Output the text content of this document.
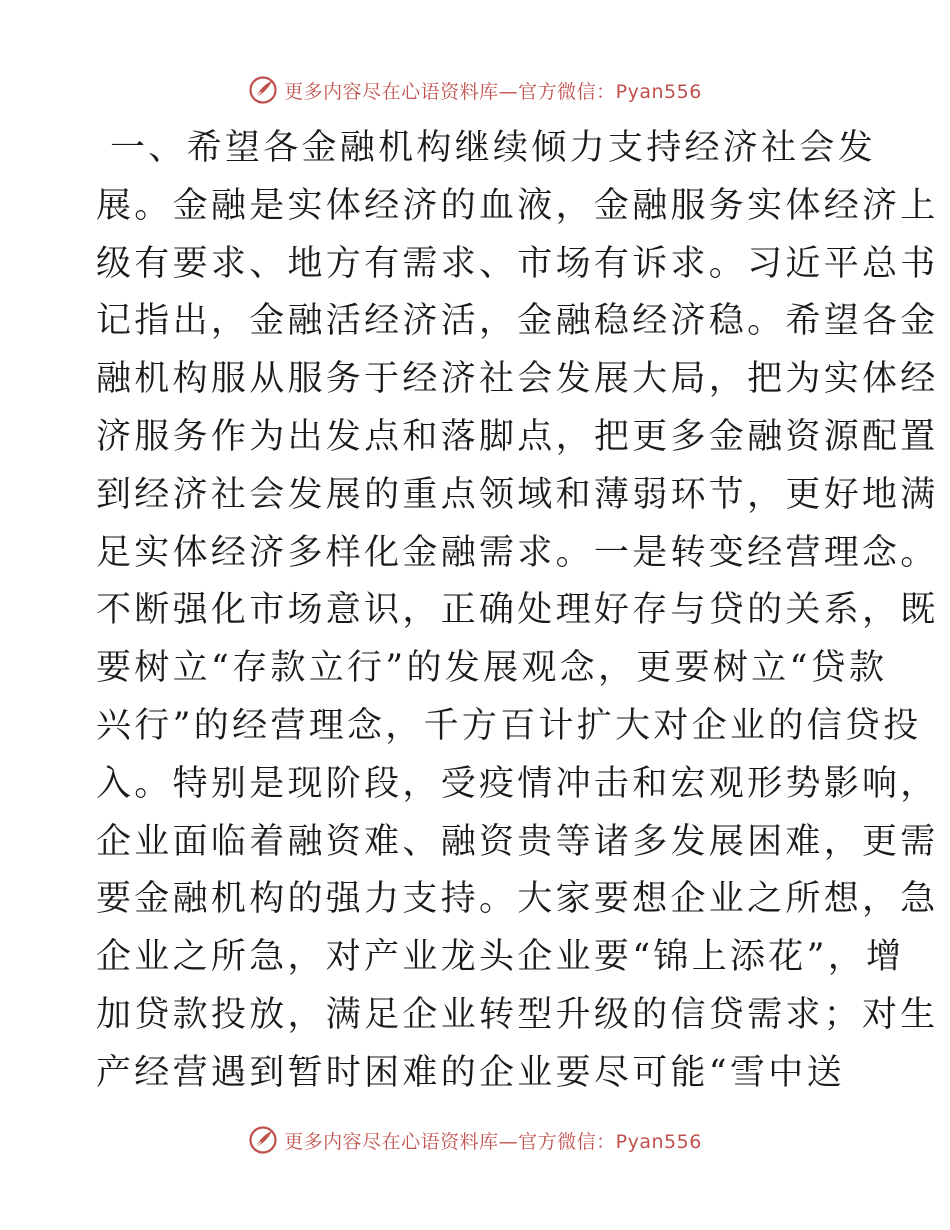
更多内容尽在心语资料库—官方微信：Pyan556
一、希望各金融机构继续倾力支持经济社会发
展。金融是实体经济的血液，金融服务实体经济上
级有要求、地方有需求、市场有诉求。习近平总书
记指出，金融活经济活，金融稳经济稳。希望各金
融机构服从服务于经济社会发展大局，把为实体经
济服务作为出发点和落脚点，把更多金融资源配置
到经济社会发展的重点领域和薄弱环节，更好地满
足实体经济多样化金融需求。一是转变经营理念。
不断强化市场意识，正确处理好存与贷的关系，既
要树立“存款立行”的发展观念，更要树立“贷款
兴行”的经营理念，千方百计扩大对企业的信贷投
入。特别是现阶段，受疫情冲击和宏观形势影响，
企业面临着融资难、融资贵等诸多发展困难，更需
要金融机构的强力支持。大家要想企业之所想，急
企业之所急，对产业龙头企业要“锦上添花”，增
加贷款投放，满足企业转型升级的信贷需求；对生
产经营遇到暂时困难的企业要尽可能“雪中送
更多内容尽在心语资料库—官方微信：Pyan556
